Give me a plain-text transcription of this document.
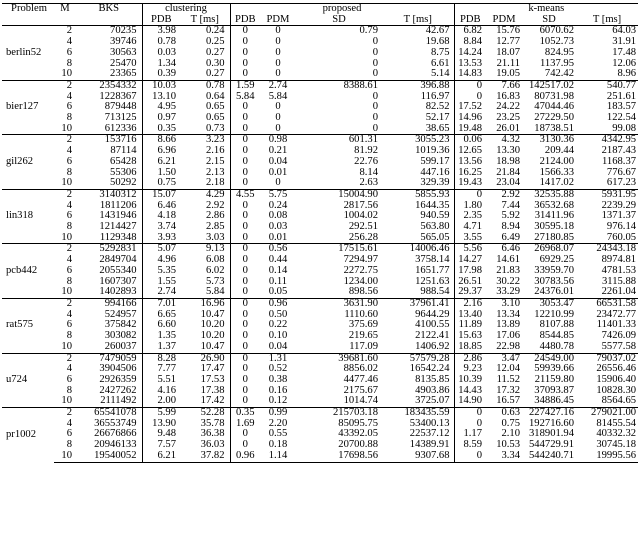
Problem	M	BKS	clustering		proposed				k-means			
			PDB	T [ms]	PDB	PDM	SD	T [ms]	PDB	PDM	SD	T [ms]
berlin52	2	70235	3.98	0.24	0	0	0.79	42.67	6.82	15.76	6070.62	64.03
	4	39746	0.78	0.25	0	0	0	19.68	8.84	12.77	1052.73	31.91
	6	30563	0.03	0.27	0	0	0	8.75	14.24	18.07	824.95	17.48
	8	25470	1.34	0.30	0	0	0	6.61	13.53	21.11	1137.95	12.06
	10	23365	0.39	0.27	0	0	0	5.14	14.83	19.05	742.42	8.96
bier127	2	2354332	10.03	0.78	1.59	2.74	8388.61	396.88	0	7.66	142517.02	540.77
	4	1228367	13.10	0.64	5.84	5.84	0	116.97	0	16.83	80731.98	251.61
	6	879448	4.95	0.65	0	0	0	82.52	17.52	24.22	47044.46	183.57
	8	713125	0.97	0.65	0	0	0	52.17	14.96	23.25	27229.50	122.54
	10	612336	0.35	0.73	0	0	0	38.65	19.48	26.01	18738.51	99.08
gil262	2	153716	8.66	3.23	0	0.98	601.31	3055.23	0.06	4.32	3130.36	4342.95
	4	87114	6.96	2.16	0	0.21	81.92	1019.36	12.65	13.30	209.44	2187.43
	6	65428	6.21	2.15	0	0.04	22.76	599.17	13.56	18.98	2124.00	1168.37
	8	55306	1.50	2.13	0	0.01	8.14	447.16	16.25	21.84	1566.33	776.67
	10	50292	0.75	2.18	0	0	2.63	329.39	19.43	23.04	1417.02	617.23
lin318	2	3140312	15.07	4.29	4.55	5.75	15004.90	5855.93	0	2.92	32535.88	5931.95
	4	1811206	6.46	2.92	0	0.24	2817.56	1644.35	1.80	7.44	36532.68	2239.29
	6	1431946	4.18	2.86	0	0.08	1004.02	940.59	2.35	5.92	31411.96	1371.37
	8	1214427	3.74	2.85	0	0.03	292.51	563.80	4.71	8.94	30595.18	976.14
	10	1129348	3.93	3.03	0	0.01	256.28	565.05	3.55	6.49	27180.85	760.05
pcb442	2	5292831	5.07	9.13	0	0.56	17515.61	14006.46	5.56	6.46	26968.07	24343.18
	4	2849704	4.96	6.08	0	0.44	7294.97	3758.14	14.27	14.61	6929.25	8974.81
	6	2055340	5.35	6.02	0	0.14	2272.75	1651.77	17.98	21.83	33959.70	4781.53
	8	1607307	1.55	5.73	0	0.11	1234.00	1251.63	26.51	30.22	30783.56	3115.88
	10	1402893	2.74	5.84	0	0.05	898.56	988.54	29.37	33.29	24376.01	2261.04
rat575	2	994166	7.01	16.96	0	0.96	3631.90	37961.41	2.16	3.10	3053.47	66531.58
	4	524957	6.65	10.47	0	0.50	1110.60	9644.29	13.40	13.34	12210.99	23472.77
	6	375842	6.60	10.20	0	0.22	375.69	4100.55	11.89	13.89	8107.88	11401.33
	8	303082	1.35	10.20	0	0.10	219.65	2122.41	15.63	17.06	8544.85	7426.09
	10	260037	1.37	10.47	0	0.04	117.09	1406.92	18.85	22.98	4480.78	5577.58
u724	2	7479059	8.28	26.90	0	1.31	39681.60	57579.28	2.86	3.47	24549.00	79037.02
	4	3904506	7.77	17.47	0	0.52	8856.02	16542.24	9.23	12.04	59939.66	26556.46
	6	2926359	5.51	17.53	0	0.38	4477.46	8135.85	10.39	11.52	21159.80	15906.40
	8	2427262	4.16	17.38	0	0.16	2175.67	4903.86	14.43	17.32	37093.87	10828.30
	10	2111492	2.00	17.42	0	0.12	1014.74	3725.07	14.90	16.57	34886.45	8564.65
pr1002	2	65541078	5.99	52.28	0.35	0.99	215703.18	183435.59	0	0.63	227427.16	279021.00
	4	36553749	13.90	35.78	1.69	2.20	85095.75	53400.13	0	0.75	192716.60	81455.54
	6	26676866	9.48	36.38	0	0.55	43392.05	22537.12	1.17	2.10	318901.94	40332.32
	8	20946133	7.57	36.03	0	0.18	20700.88	14389.91	8.59	10.53	544729.91	30745.18
	10	19540052	6.21	37.82	0.96	1.14	17698.56	9307.68	0	3.34	544240.71	19995.56
